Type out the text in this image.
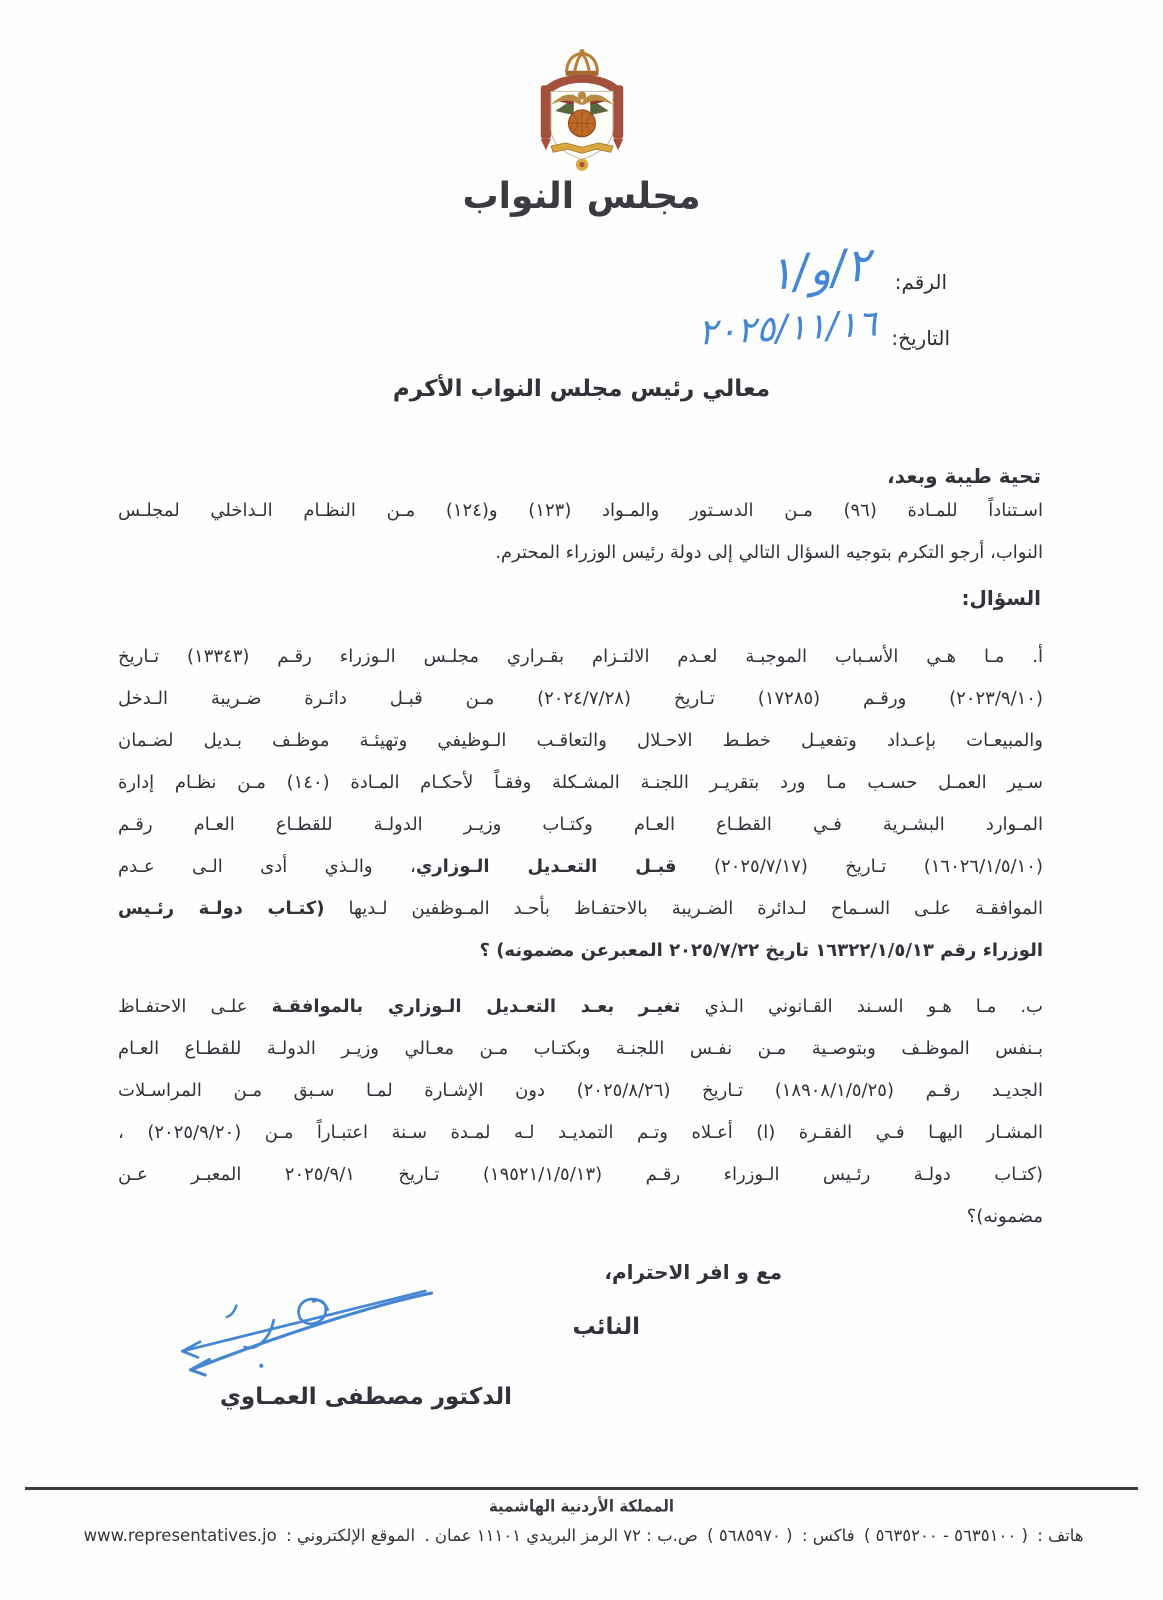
مجلس النواب
الرقم:
٢/و/١
التاريخ:
٢٠٢٥/١١/١٦
معالي رئيس مجلس النواب الأكرم
تحية طيبة وبعد،
اسـتناداً للمـادة (٩٦) مـن الدسـتور والمـواد (١٢٣) و(١٢٤) مـن النظـام الـداخلي لمجلـس
النواب، أرجو التكرم بتوجيه السؤال التالي إلى دولة رئيس الوزراء المحترم.
السؤال:
أ. مـا هـي الأسـباب الموجبـة لعـدم الالتـزام بقـراري مجلـس الـوزراء رقـم (١٣٣٤٣) تـاريخ
(٢٠٢٣/٩/١٠) ورقـم (١٧٢٨٥) تـاريخ (٢٠٢٤/٧/٢٨) مـن قبـل دائـرة ضـريبة الـدخل
والمبيعـات بإعـداد وتفعيـل خطـط الاحـلال والتعاقـب الـوظيفي وتهيئـة موظـف بـديل لضـمان
سـير العمـل حسـب مـا ورد بتقريـر اللجنـة المشـكلة وفقـاً لأحكـام المـادة (١٤٠) مـن نظـام إدارة
المـوارد البشـرية فـي القطـاع العـام وكتـاب وزيـر الدولـة للقطـاع العـام رقـم
(١٦٠٢٦/١/٥/١٠) تـاريخ (٢٠٢٥/٧/١٧) قبـل التعـديل الـوزاري، والـذي أدى الـى عـدم
الموافقـة علـى السـماح لـدائرة الضـريبة بالاحتفـاظ بأحـد المـوظفين لـديها (كتـاب دولـة رئـيس
الوزراء رقم ١٦٣٢٢/١/٥/١٣ تاريخ ٢٠٢٥/٧/٢٢ المعبرعن مضمونه) ؟
ب. مـا هـو السـند القـانوني الـذي تغيـر بعـد التعـديل الـوزاري بالموافقـة علـى الاحتفـاظ
بـنفس الموظـف وبتوصـية مـن نفـس اللجنـة وبكتـاب مـن معـالي وزيـر الدولـة للقطـاع العـام
الجديـد رقـم (١٨٩٠٨/١/٥/٢٥) تـاريخ (٢٠٢٥/٨/٢٦) دون الإشـارة لمـا سـبق مـن المراسـلات
المشـار اليهـا فـي الفقـرة (ا) أعـلاه وتـم التمديـد لـه لمـدة سـنة اعتبـاراً مـن (٢٠٢٥/٩/٢٠) ،
(كتـاب دولـة رئـيس الـوزراء رقـم (١٩٥٢١/١/٥/١٣) تـاريخ ٢٠٢٥/٩/١ المعبـر عـن
مضمونه)؟
مع و افر الاحترام،
النائب
الدكتور مصطفى العمـاوي
المملكة الأردنية الهاشمية
هاتف : ( ٥٦٣٥١٠٠ - ٥٦٣٥٢٠٠ ) فاكس : ( ٥٦٨٥٩٧٠ ) ص.ب : ٧٢ الرمز البريدي ١١١٠١ عمان . الموقع الإلكتروني : www.representatives.jo
